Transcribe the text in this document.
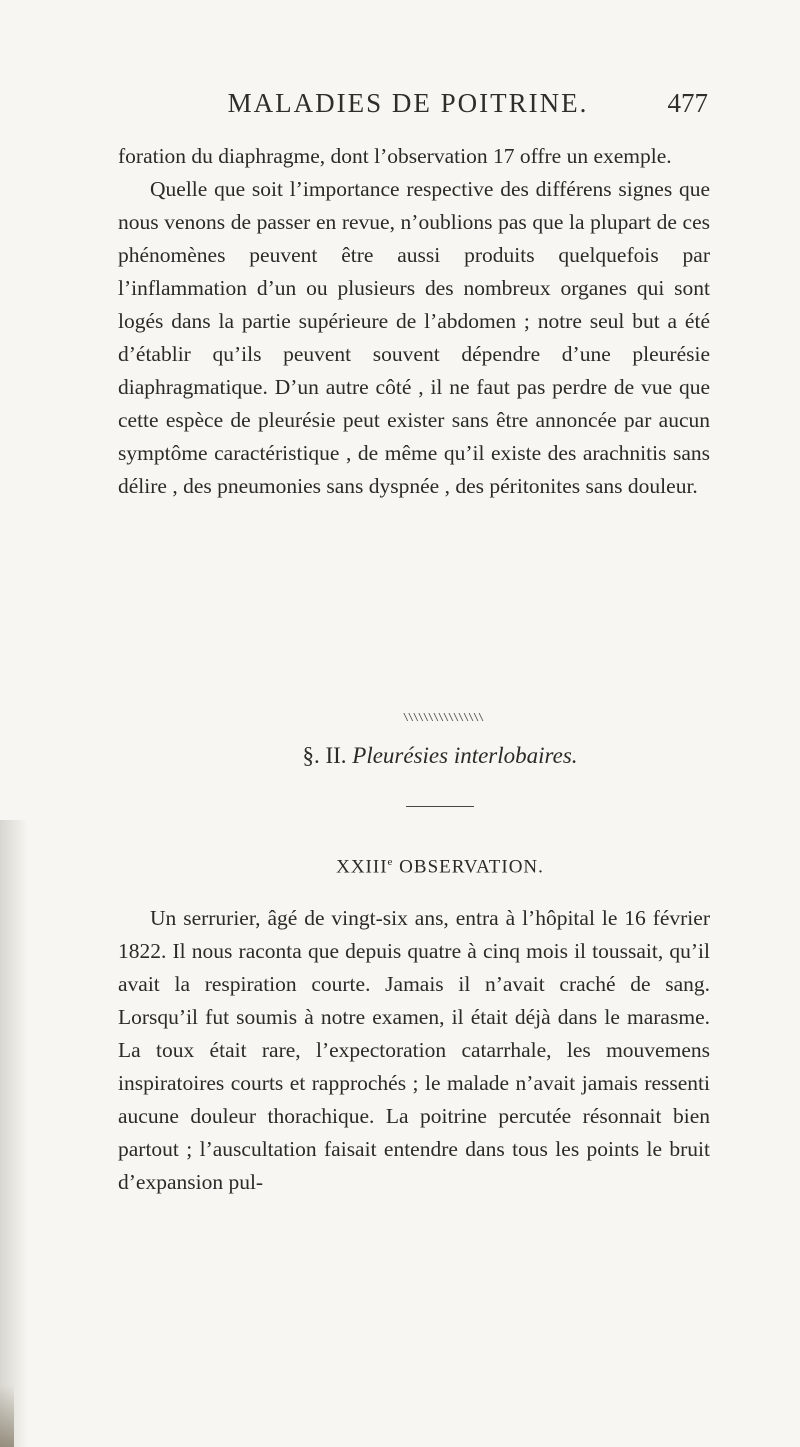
MALADIES DE POITRINE.	477

foration du diaphragme, dont l’observation 17 offre un exemple.

Quelle que soit l’importance respective des différens signes que nous venons de passer en revue, n’oublions pas que la plupart de ces phénomènes peuvent être aussi produits quelquefois par l’inflammation d’un ou plusieurs des nombreux organes qui sont logés dans la partie supérieure de l’abdomen ; notre seul but a été d’établir qu’ils peuvent souvent dépendre d’une pleurésie diaphragmatique. D’un autre côté , il ne faut pas perdre de vue que cette espèce de pleurésie peut exister sans être annoncée par aucun symptôme caractéristique , de même qu’il existe des arachnitis sans délire , des pneumonies sans dyspnée , des péritonites sans douleur.

\\\\\\\\\\\\\\\\
§. II. Pleurésies interlobaires.
XXIIIe OBSERVATION.

Un serrurier, âgé de vingt-six ans, entra à l’hôpital le 16 février 1822. Il nous raconta que depuis quatre à cinq mois il toussait, qu’il avait la respiration courte. Jamais il n’avait craché de sang. Lorsqu’il fut soumis à notre examen, il était déjà dans le marasme. La toux était rare, l’expectoration catarrhale, les mouvemens inspiratoires courts et rapprochés ; le malade n’avait jamais ressenti aucune douleur thorachique. La poitrine percutée résonnait bien partout ; l’auscultation faisait entendre dans tous les points le bruit d’expansion pul-
